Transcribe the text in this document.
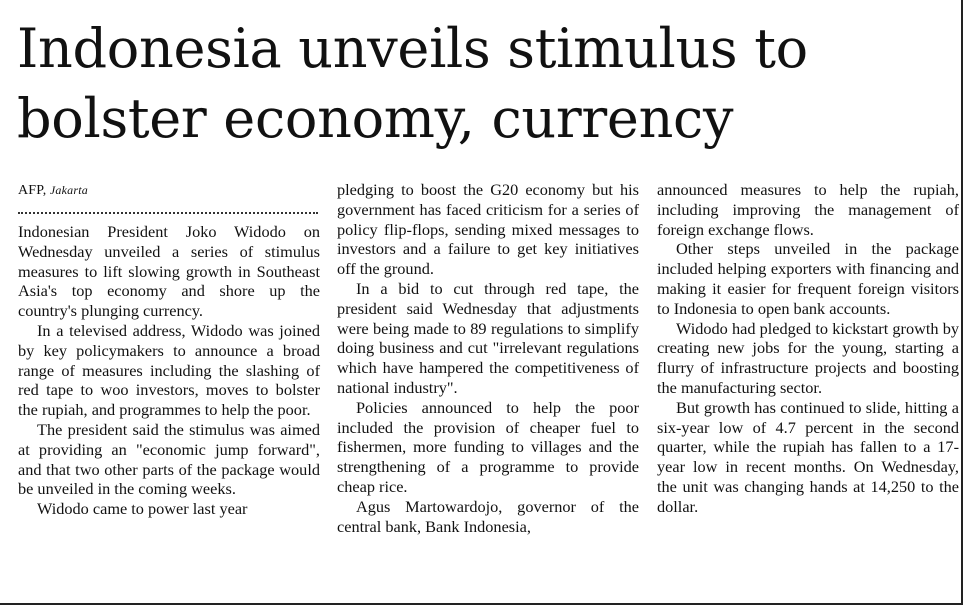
Indonesia unveils stimulus to
bolster economy, currency
AFP, Jakarta

Indonesian President Joko Widodo on Wednesday unveiled a series of stimulus measures to lift slowing growth in Southeast Asia's top economy and shore up the country's plunging currency.

In a televised address, Widodo was joined by key policymakers to announce a broad range of measures including the slashing of red tape to woo investors, moves to bolster the rupiah, and programmes to help the poor.

The president said the stimulus was aimed at providing an "economic jump forward", and that two other parts of the package would be unveiled in the coming weeks.

Widodo came to power last year

pledging to boost the G20 economy but his government has faced criticism for a series of policy flip-flops, sending mixed messages to investors and a failure to get key initiatives off the ground.

In a bid to cut through red tape, the president said Wednesday that adjustments were being made to 89 regulations to simplify doing business and cut "irrelevant regulations which have hampered the competitiveness of national industry".

Policies announced to help the poor included the provision of cheaper fuel to fishermen, more funding to villages and the strengthening of a programme to provide cheap rice.

Agus Martowardojo, governor of the central bank, Bank Indonesia,

announced measures to help the rupiah, including improving the management of foreign exchange flows.

Other steps unveiled in the package included helping exporters with financing and making it easier for frequent foreign visitors to Indonesia to open bank accounts.

Widodo had pledged to kickstart growth by creating new jobs for the young, starting a flurry of infrastructure projects and boosting the manufacturing sector.

But growth has continued to slide, hitting a six-year low of 4.7 percent in the second quarter, while the rupiah has fallen to a 17-year low in recent months. On Wednesday, the unit was changing hands at 14,250 to the dollar.
